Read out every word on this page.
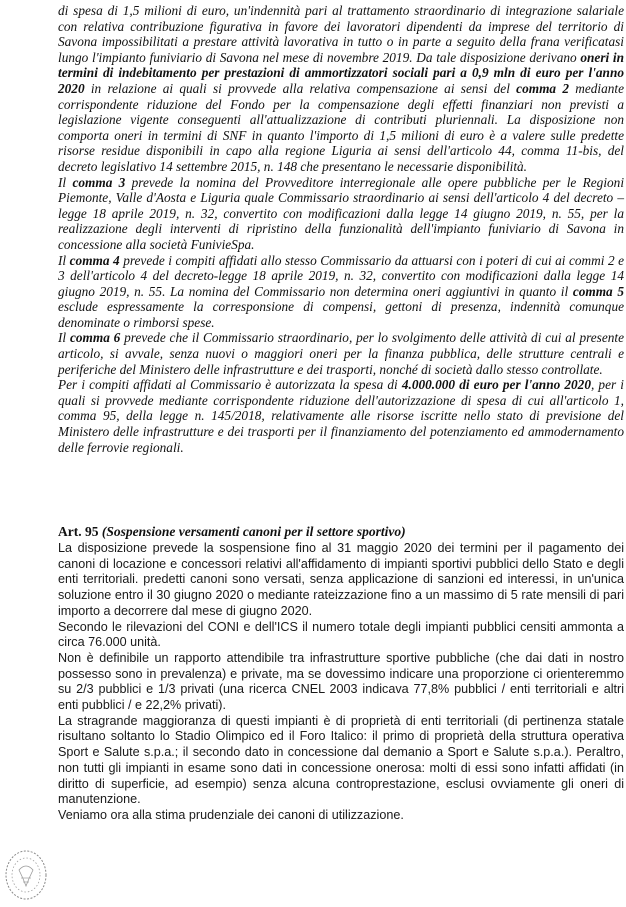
di spesa di 1,5 milioni di euro, un'indennità pari al trattamento straordinario di integrazione salariale con relativa contribuzione figurativa in favore dei lavoratori dipendenti da imprese del territorio di Savona impossibilitati a prestare attività lavorativa in tutto o in parte a seguito della frana verificatasi lungo l'impianto funiviario di Savona nel mese di novembre 2019. Da tale disposizione derivano oneri in termini di indebitamento per prestazioni di ammortizzatori sociali pari a 0,9 mln di euro per l'anno 2020 in relazione ai quali si provvede alla relativa compensazione ai sensi del comma 2 mediante corrispondente riduzione del Fondo per la compensazione degli effetti finanziari non previsti a legislazione vigente conseguenti all'attualizzazione di contributi pluriennali. La disposizione non comporta oneri in termini di SNF in quanto l'importo di 1,5 milioni di euro è a valere sulle predette risorse residue disponibili in capo alla regione Liguria ai sensi dell'articolo 44, comma 11-bis, del decreto legislativo 14 settembre 2015, n. 148 che presentano le necessarie disponibilità.

Il comma 3 prevede la nomina del Provveditore interregionale alle opere pubbliche per le Regioni Piemonte, Valle d'Aosta e Liguria quale Commissario straordinario ai sensi dell'articolo 4 del decreto – legge 18 aprile 2019, n. 32, convertito con modificazioni dalla legge 14 giugno 2019, n. 55, per la realizzazione degli interventi di ripristino della funzionalità dell'impianto funiviario di Savona in concessione alla società FunivieSpa.

Il comma 4 prevede i compiti affidati allo stesso Commissario da attuarsi con i poteri di cui ai commi 2 e 3 dell'articolo 4 del decreto-legge 18 aprile 2019, n. 32, convertito con modificazioni dalla legge 14 giugno 2019, n. 55. La nomina del Commissario non determina oneri aggiuntivi in quanto il comma 5 esclude espressamente la corresponsione di compensi, gettoni di presenza, indennità comunque denominate o rimborsi spese.

Il comma 6 prevede che il Commissario straordinario, per lo svolgimento delle attività di cui al presente articolo, si avvale, senza nuovi o maggiori oneri per la finanza pubblica, delle strutture centrali e periferiche del Ministero delle infrastrutture e dei trasporti, nonché di società dallo stesso controllate.

Per i compiti affidati al Commissario è autorizzata la spesa di 4.000.000 di euro per l'anno 2020, per i quali si provvede mediante corrispondente riduzione dell'autorizzazione di spesa di cui all'articolo 1, comma 95, della legge n. 145/2018, relativamente alle risorse iscritte nello stato di previsione del Ministero delle infrastrutture e dei trasporti per il finanziamento del potenziamento ed ammodernamento delle ferrovie regionali.

Art. 95 (Sospensione versamenti canoni per il settore sportivo)

La disposizione prevede la sospensione fino al 31 maggio 2020 dei termini per il pagamento dei canoni di locazione e concessori relativi all'affidamento di impianti sportivi pubblici dello Stato e degli enti territoriali. predetti canoni sono versati, senza applicazione di sanzioni ed interessi, in un'unica soluzione entro il 30 giugno 2020 o mediante rateizzazione fino a un massimo di 5 rate mensili di pari importo a decorrere dal mese di giugno 2020.

Secondo le rilevazioni del CONI e dell'ICS il numero totale degli impianti pubblici censiti ammonta a circa 76.000 unità.

Non è definibile un rapporto attendibile tra infrastrutture sportive pubbliche (che dai dati in nostro possesso sono in prevalenza) e private, ma se dovessimo indicare una proporzione ci orienteremmo su 2/3 pubblici e 1/3 privati (una ricerca CNEL 2003 indicava 77,8% pubblici / enti territoriali e altri enti pubblici / e 22,2% privati).

La stragrande maggioranza di questi impianti è di proprietà di enti territoriali (di pertinenza statale risultano soltanto lo Stadio Olimpico ed il Foro Italico: il primo di proprietà della struttura operativa Sport e Salute s.p.a.; il secondo dato in concessione dal demanio a Sport e Salute s.p.a.). Peraltro, non tutti gli impianti in esame sono dati in concessione onerosa: molti di essi sono infatti affidati (in diritto di superficie, ad esempio) senza alcuna controprestazione, esclusi ovviamente gli oneri di manutenzione.

Veniamo ora alla stima prudenziale dei canoni di utilizzazione.
